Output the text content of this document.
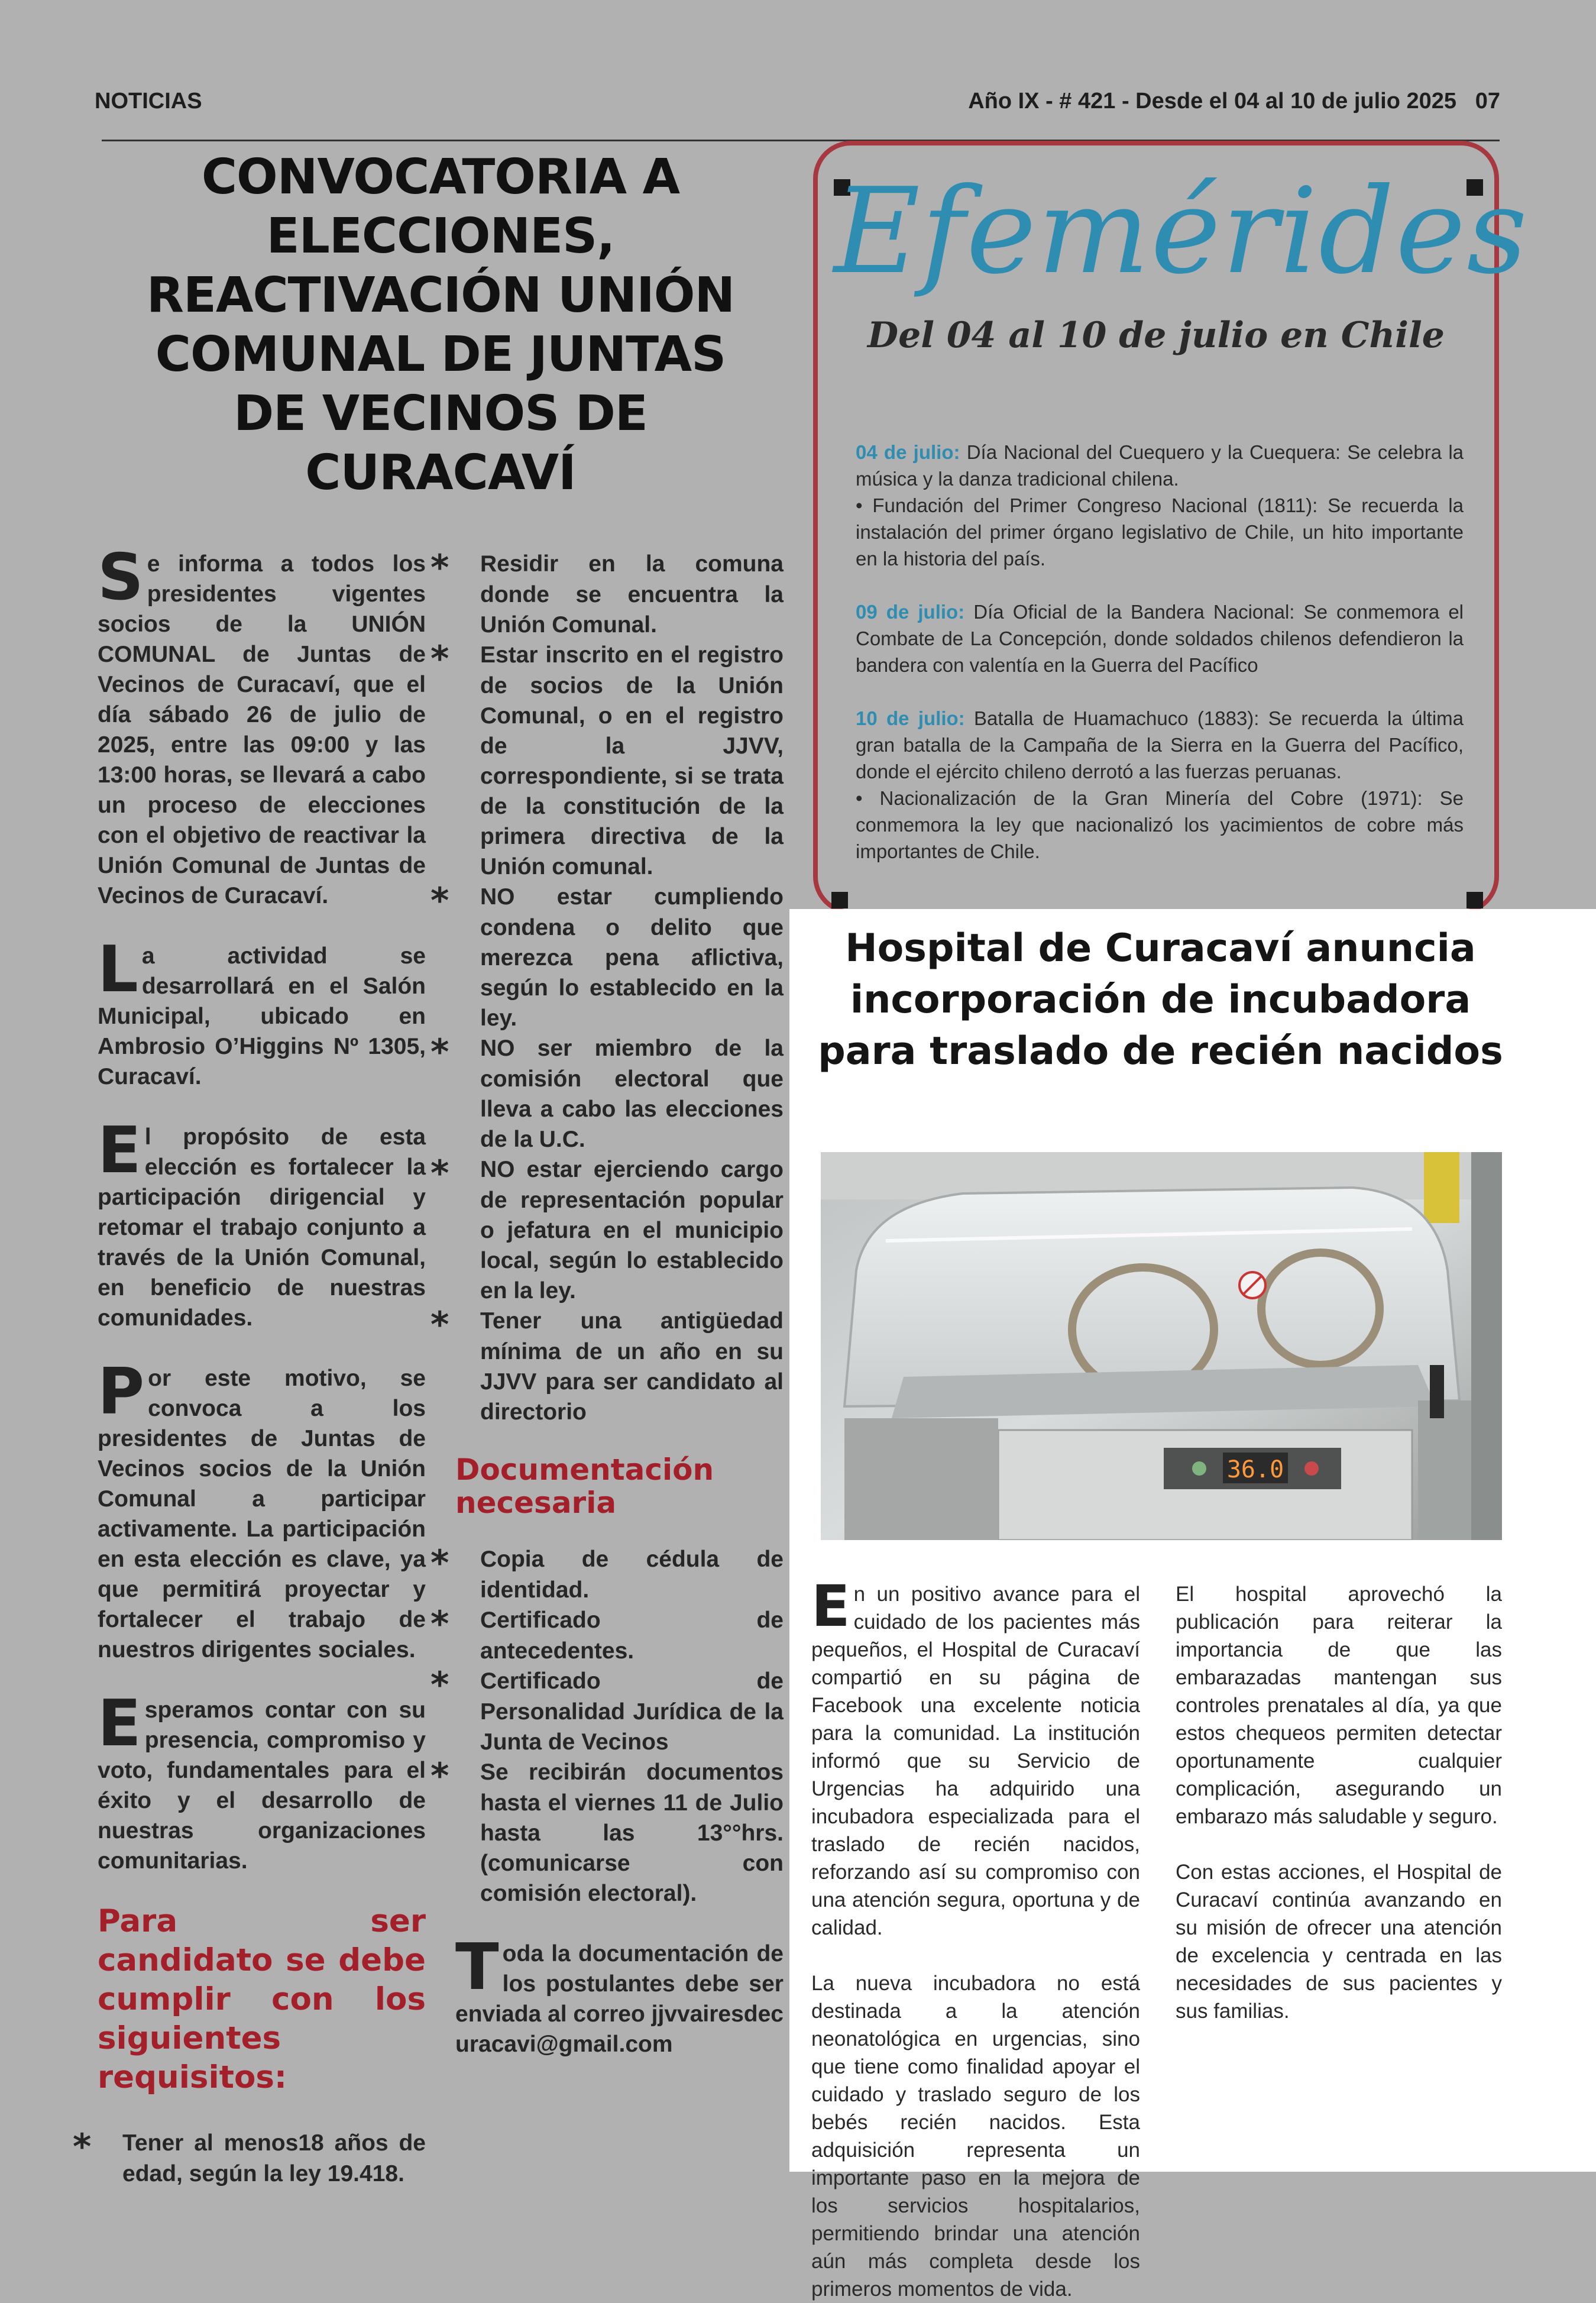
NOTICIAS	Año IX - # 421 - Desde el 04 al 10 de julio 2025 07
CONVOCATORIA A ELECCIONES, REACTIVACIÓN UNIÓN COMUNAL DE JUNTAS DE VECINOS DE CURACAVÍ

Se informa a todos los presidentes vigentes socios de la UNIÓN COMUNAL de Juntas de Vecinos de Curacaví, que el día sábado 26 de julio de 2025, entre las 09:00 y las 13:00 horas, se llevará a cabo un proceso de elecciones con el objetivo de reactivar la Unión Comunal de Juntas de Vecinos de Curacaví.

La actividad se desarrollará en el Salón Municipal, ubicado en Ambrosio O’Higgins Nº 1305, Curacaví.

El propósito de esta elección es fortalecer la participación dirigencial y retomar el trabajo conjunto a través de la Unión Comunal, en beneficio de nuestras comunidades.

Por este motivo, se convoca a los presidentes de Juntas de Vecinos socios de la Unión Comunal a participar activamente. La participación en esta elección es clave, ya que permitirá proyectar y fortalecer el trabajo de nuestros dirigentes sociales.

Esperamos contar con su presencia, compromiso y voto, fundamentales para el éxito y el desarrollo de nuestras organizaciones comunitarias.

Para ser candidato se debe cumplir con los siguientes requisitos:

* Tener al menos18 años de edad, según la ley 19.418.

* Residir en la comuna donde se encuentra la Unión Comunal.

* Estar inscrito en el registro de socios de la Unión Comunal, o en el registro de la JJVV, correspondiente, si se trata de la constitución de la primera directiva de la Unión comunal.

* NO estar cumpliendo condena o delito que merezca pena aflictiva, según lo establecido en la ley.

* NO ser miembro de la comisión electoral que lleva a cabo las elecciones de la U.C.

* NO estar ejerciendo cargo de representación popular o jefatura en el municipio local, según lo establecido en la ley.

* Tener una antigüedad mínima de un año en su JJVV para ser candidato al directorio

Documentación necesaria

* Copia de cédula de identidad.

* Certificado de antecedentes.

* Certificado de Personalidad Jurídica de la Junta de Vecinos

* Se recibirán documentos hasta el viernes 11 de Julio hasta las 13°°hrs. (comunicarse con comisión electoral).

Toda la documentación de los postulantes debe ser enviada al correo jjvvairesdecuracavi@gmail.com

Efemérides
Del 04 al 10 de julio en Chile

04 de julio: Día Nacional del Cuequero y la Cuequera: Se celebra la música y la danza tradicional chilena.

• Fundación del Primer Congreso Nacional (1811): Se recuerda la instalación del primer órgano legislativo de Chile, un hito importante en la historia del país.

09 de julio: Día Oficial de la Bandera Nacional: Se conmemora el Combate de La Concepción, donde soldados chilenos defendieron la bandera con valentía en la Guerra del Pacífico

10 de julio: Batalla de Huamachuco (1883): Se recuerda la última gran batalla de la Campaña de la Sierra en la Guerra del Pacífico, donde el ejército chileno derrotó a las fuerzas peruanas.

• Nacionalización de la Gran Minería del Cobre (1971): Se conmemora la ley que nacionalizó los yacimientos de cobre más importantes de Chile.

Hospital de Curacaví anuncia incorporación de incubadora para traslado de recién nacidos
36.0

En un positivo avance para el cuidado de los pacientes más pequeños, el Hospital de Curacaví compartió en su página de Facebook una excelente noticia para la comunidad. La institución informó que su Servicio de Urgencias ha adquirido una incubadora especializada para el traslado de recién nacidos, reforzando así su compromiso con una atención segura, oportuna y de calidad.

La nueva incubadora no está destinada a la atención neonatológica en urgencias, sino que tiene como finalidad apoyar el cuidado y traslado seguro de los bebés recién nacidos. Esta adquisición representa un importante paso en la mejora de los servicios hospitalarios, permitiendo brindar una atención aún más completa desde los primeros momentos de vida.

El hospital aprovechó la publicación para reiterar la importancia de que las embarazadas mantengan sus controles prenatales al día, ya que estos chequeos permiten detectar oportunamente cualquier complicación, asegurando un embarazo más saludable y seguro.

Con estas acciones, el Hospital de Curacaví continúa avanzando en su misión de ofrecer una atención de excelencia y centrada en las necesidades de sus pacientes y sus familias.
